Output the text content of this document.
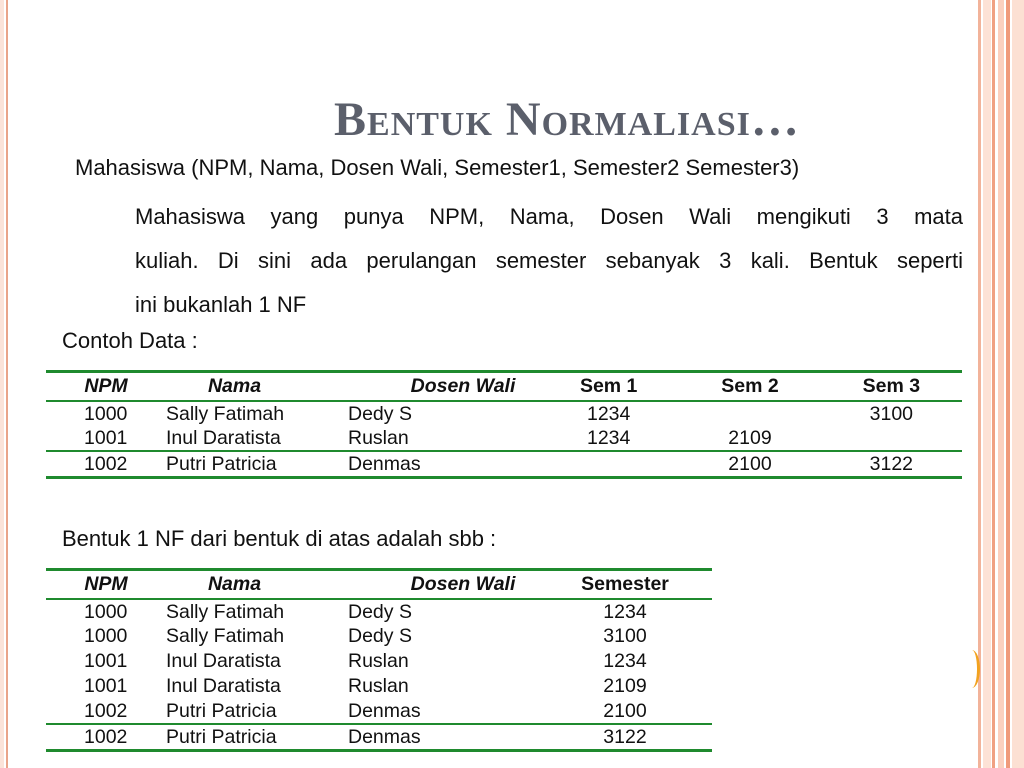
Bentuk Normaliasi…
Mahasiswa (NPM, Nama, Dosen Wali, Semester1, Semester2 Semester3)
Mahasiswa yang punya NPM, Nama, Dosen Wali mengikuti 3 mata
kuliah. Di sini ada perulangan semester sebanyak 3 kali. Bentuk seperti
ini bukanlah 1 NF
Contoh Data :
NPM	Nama	Dosen Wali	Sem 1	Sem 2	Sem 3
1000	Sally Fatimah	Dedy S	1234		3100
1001	Inul Daratista	Ruslan	1234	2109	
1002	Putri Patricia	Denmas		2100	3122
Bentuk 1 NF dari bentuk di atas adalah sbb :
NPM	Nama	Dosen Wali	Semester
1000	Sally Fatimah	Dedy S	1234
1000	Sally Fatimah	Dedy S	3100
1001	Inul Daratista	Ruslan	1234
1001	Inul Daratista	Ruslan	2109
1002	Putri Patricia	Denmas	2100
1002	Putri Patricia	Denmas	3122
